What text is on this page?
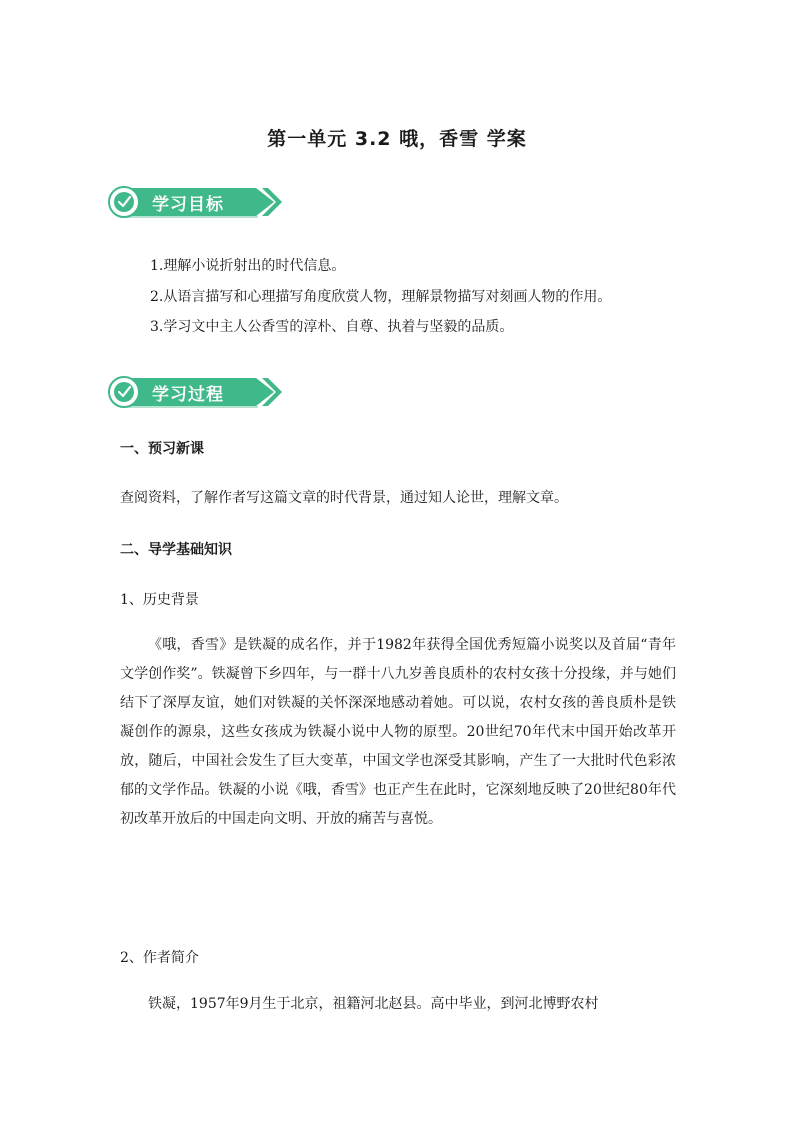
第一单元 3.2 哦，香雪 学案
学习目标
1.理解小说折射出的时代信息。
2.从语言描写和心理描写角度欣赏人物，理解景物描写对刻画人物的作用。
3.学习文中主人公香雪的淳朴、自尊、执着与坚毅的品质。
学习过程
一、预习新课
查阅资料，了解作者写这篇文章的时代背景，通过知人论世，理解文章。
二、导学基础知识
1、历史背景

《哦，香雪》是铁凝的成名作，并于1982年获得全国优秀短篇小说奖以及首届“青年文学创作奖”。铁凝曾下乡四年，与一群十八九岁善良质朴的农村女孩十分投缘，并与她们结下了深厚友谊，她们对铁凝的关怀深深地感动着她。可以说，农村女孩的善良质朴是铁凝创作的源泉，这些女孩成为铁凝小说中人物的原型。20世纪70年代末中国开始改革开放，随后，中国社会发生了巨大变革，中国文学也深受其影响，产生了一大批时代色彩浓郁的文学作品。铁凝的小说《哦，香雪》也正产生在此时，它深刻地反映了20世纪80年代初改革开放后的中国走向文明、开放的痛苦与喜悦。

2、作者简介

铁凝，1957年9月生于北京，祖籍河北赵县。高中毕业，到河北博野农村
